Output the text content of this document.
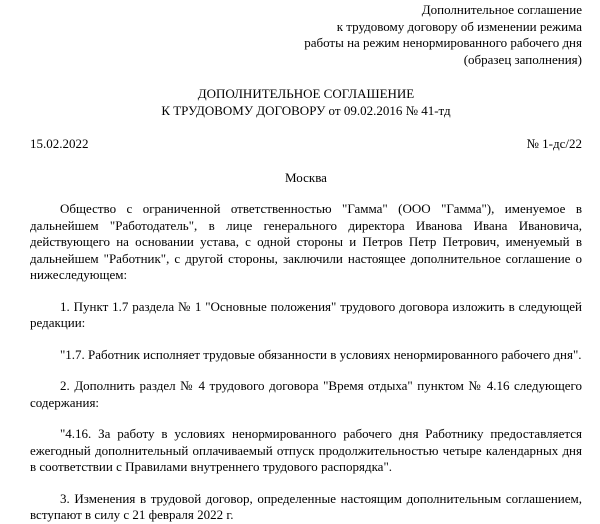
Дополнительное соглашение
к трудовому договору об изменении режима
работы на режим ненормированного рабочего дня
(образец заполнения)
ДОПОЛНИТЕЛЬНОЕ СОГЛАШЕНИЕ
К ТРУДОВОМУ ДОГОВОРУ от 09.02.2016 № 41-тд
15.02.2022	№ 1-дс/22
Москва

Общество с ограниченной ответственностью "Гамма" (ООО "Гамма"), именуемое в дальнейшем "Работодатель", в лице генерального директора Иванова Ивана Ивановича, действующего на основании устава, с одной стороны и Петров Петр Петрович, именуемый в дальнейшем "Работник", с другой стороны, заключили настоящее дополнительное соглашение о нижеследующем:

1. Пункт 1.7 раздела № 1 "Основные положения" трудового договора изложить в следующей редакции:

"1.7. Работник исполняет трудовые обязанности в условиях ненормированного рабочего дня".

2. Дополнить раздел № 4 трудового договора "Время отдыха" пунктом № 4.16 следующего содержания:

"4.16. За работу в условиях ненормированного рабочего дня Работнику предоставляется ежегодный дополнительный оплачиваемый отпуск продолжительностью четыре календарных дня в соответствии с Правилами внутреннего трудового распорядка".

3. Изменения в трудовой договор, определенные настоящим дополнительным соглашением, вступают в силу с 21 февраля 2022 г.
